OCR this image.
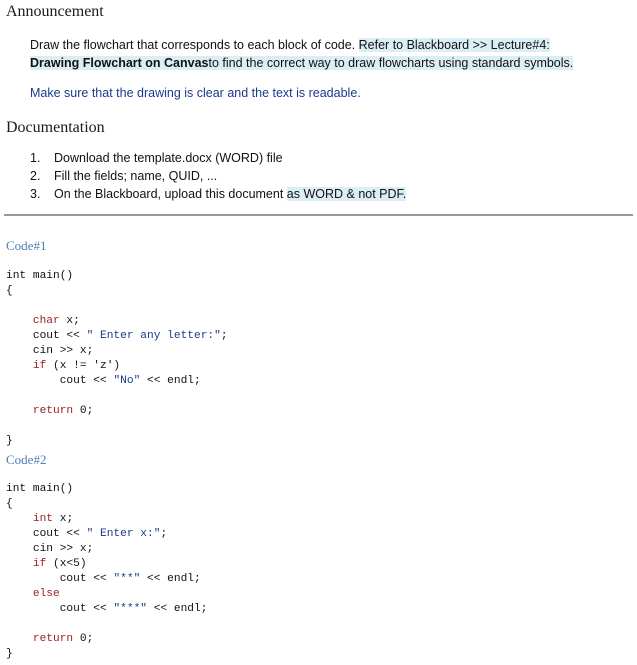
Announcement
Draw the flowchart that corresponds to each block of code. Refer to Blackboard >> Lecture#4:
Drawing Flowchart on Canvasto find the correct way to draw flowcharts using standard symbols.
Make sure that the drawing is clear and the text is readable.
Documentation
1. Download the template.docx (WORD) file
2. Fill the fields; name, QUID, ...
3. On the Blackboard, upload this document as WORD & not PDF.
Code#1
int main()
{
char x;
cout << " Enter any letter:";
cin >> x;
if (x != 'z')
cout << "No" << endl;
return 0;
}
Code#2
int main()
{
int x;
cout << " Enter x:";
cin >> x;
if (x<5)
cout << "**" << endl;
else
cout << "***" << endl;
return 0;
}
